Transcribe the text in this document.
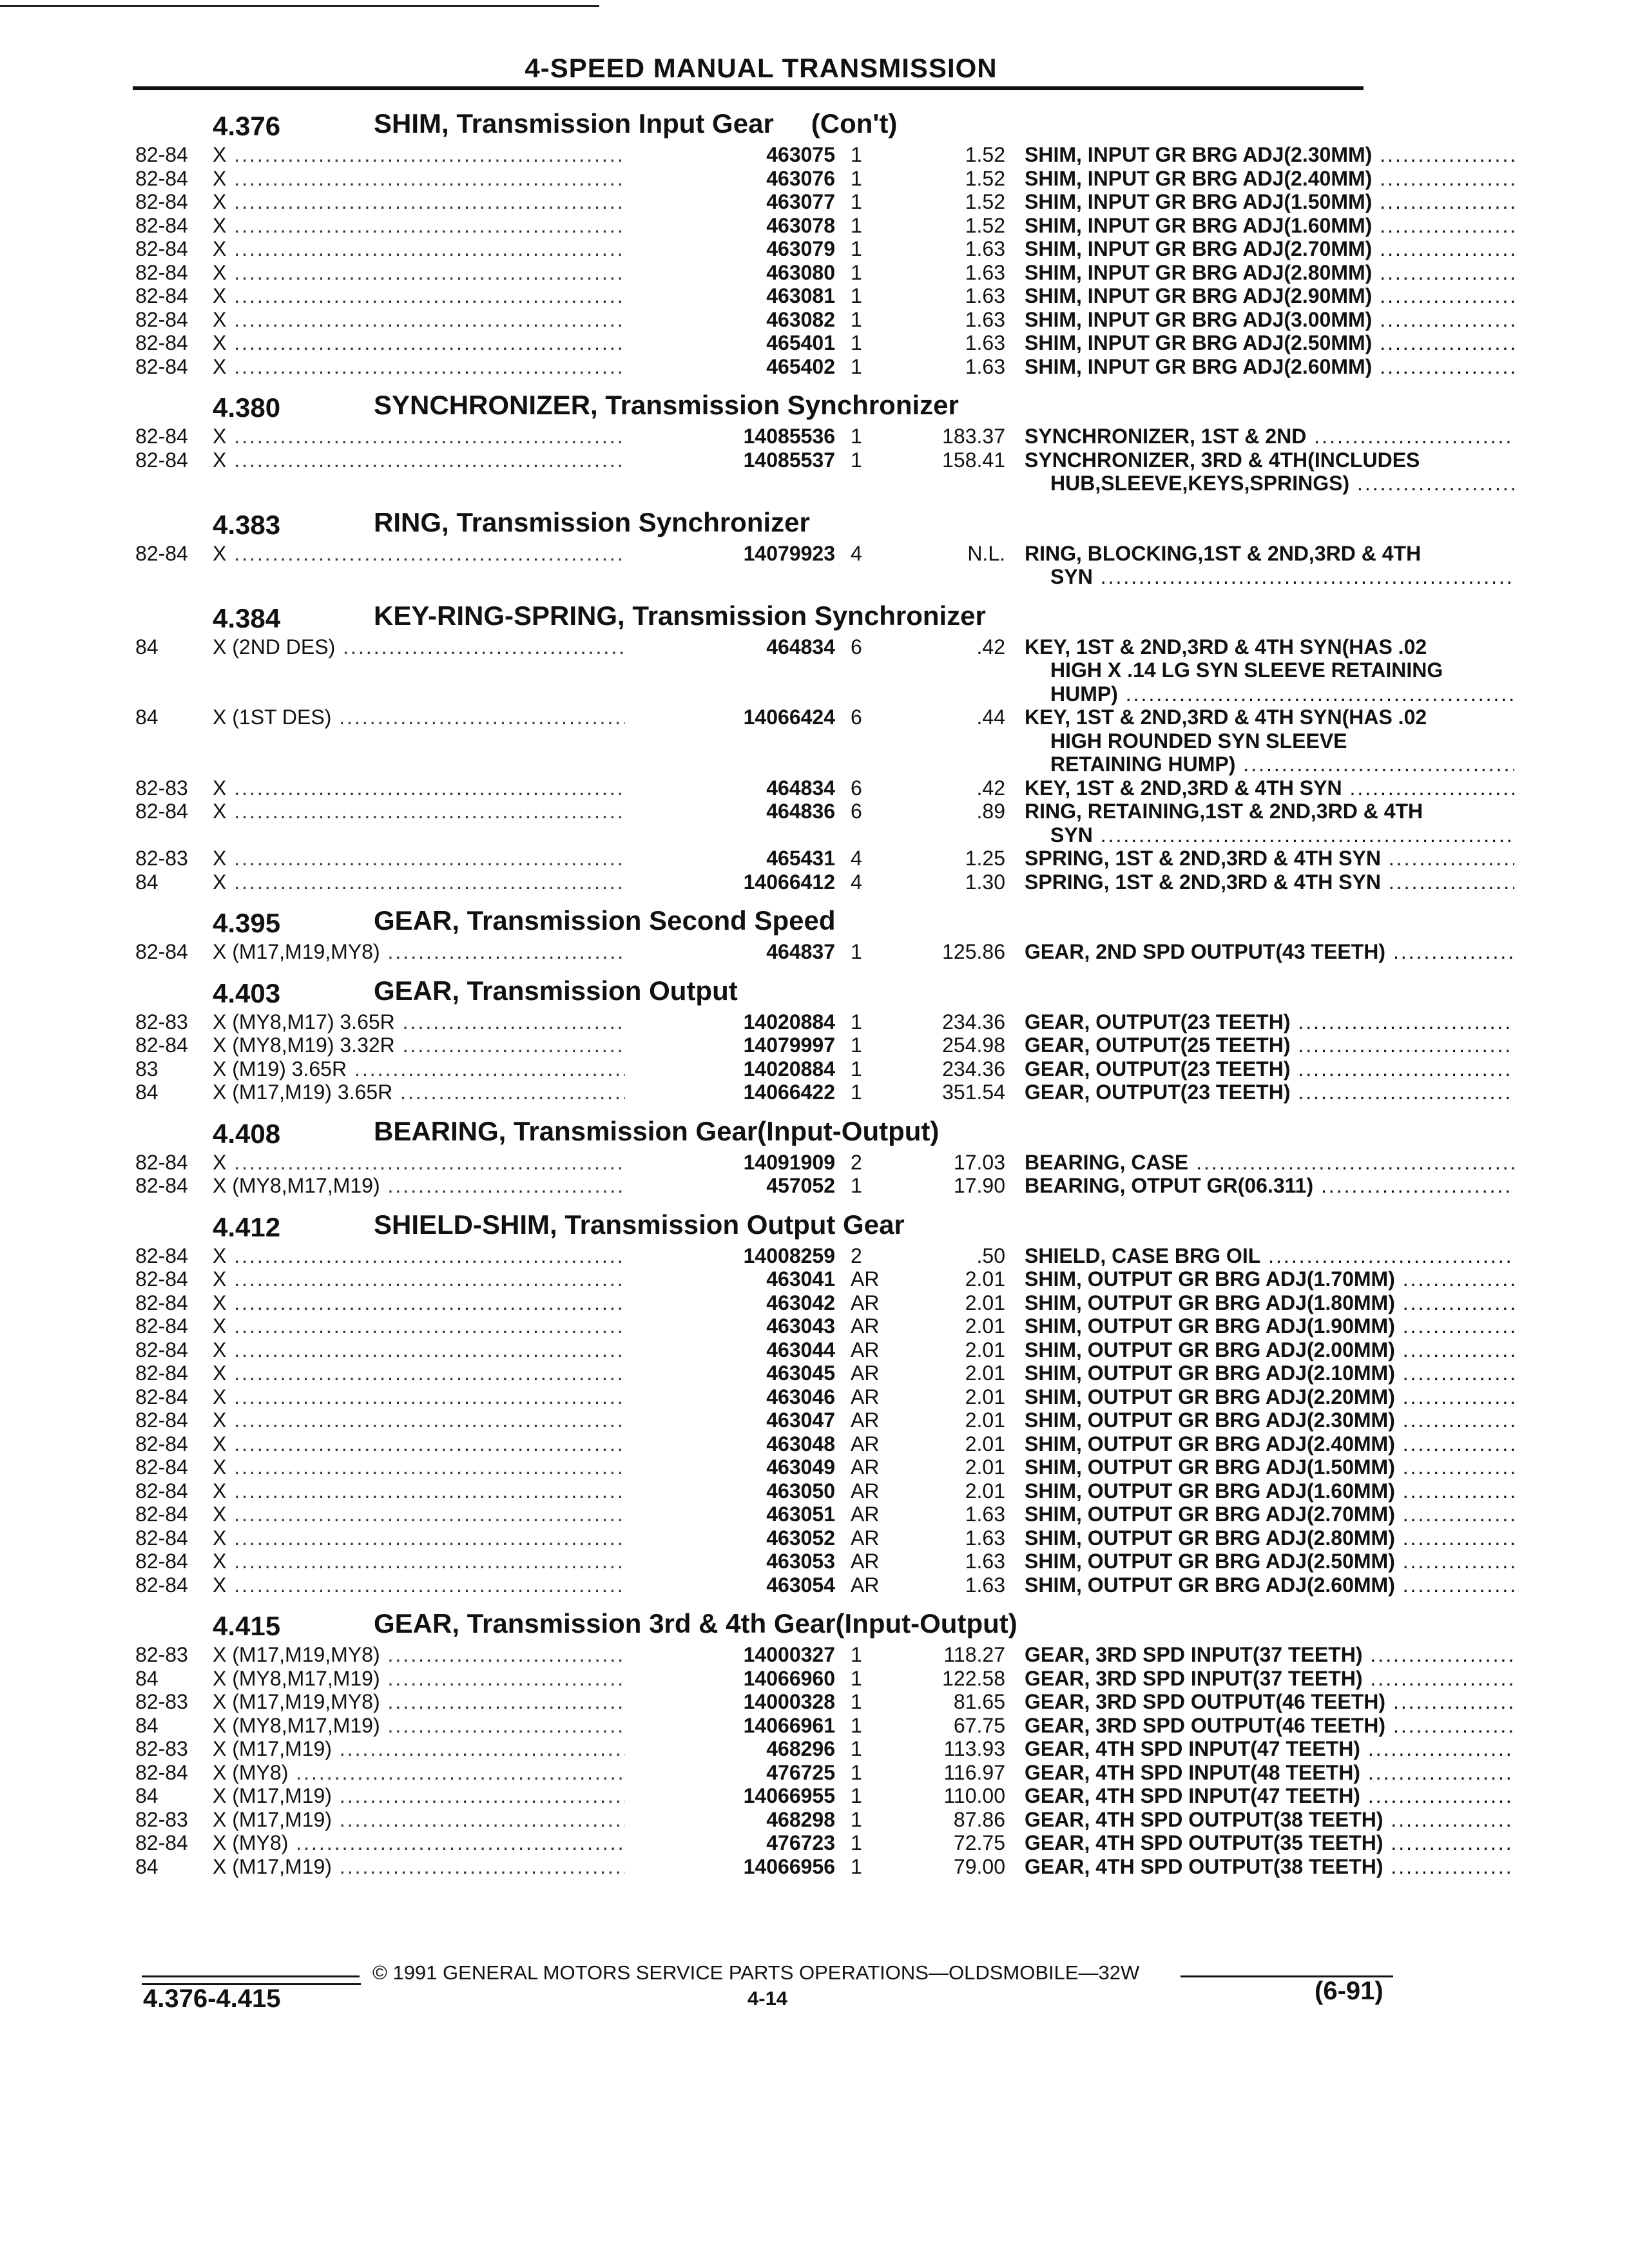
4-SPEED MANUAL TRANSMISSION
4.376	SHIM, Transmission Input Gear (Con't)
82-84	X .....	463075 1	1.52 SHIM, INPUT GR BRG ADJ(2.30MM) .....
82-84	X .....	463076 1	1.52 SHIM, INPUT GR BRG ADJ(2.40MM) .....
82-84	X .....	463077 1	1.52 SHIM, INPUT GR BRG ADJ(1.50MM) .....
82-84	X .....	463078 1	1.52 SHIM, INPUT GR BRG ADJ(1.60MM) .....
82-84	X .....	463079 1	1.63 SHIM, INPUT GR BRG ADJ(2.70MM) .....
82-84	X .....	463080 1	1.63 SHIM, INPUT GR BRG ADJ(2.80MM) .....
82-84	X .....	463081 1	1.63 SHIM, INPUT GR BRG ADJ(2.90MM) .....
82-84	X .....	463082 1	1.63 SHIM, INPUT GR BRG ADJ(3.00MM) .....
82-84	X .....	465401 1	1.63 SHIM, INPUT GR BRG ADJ(2.50MM) .....
82-84	X .....	465402 1	1.63 SHIM, INPUT GR BRG ADJ(2.60MM) .....
4.380	SYNCHRONIZER, Transmission Synchronizer
82-84	X .....	14085536 1	183.37 SYNCHRONIZER, 1ST & 2ND .....
82-84	X .....	14085537 1	158.41 SYNCHRONIZER, 3RD & 4TH(INCLUDES
HUB,SLEEVE,KEYS,SPRINGS) .....
4.383	RING, Transmission Synchronizer
82-84	X .....	14079923 4	N.L. RING, BLOCKING,1ST & 2ND,3RD & 4TH
SYN .....
4.384	KEY-RING-SPRING, Transmission Synchronizer
84	X (2ND DES) .....	464834 6	.42 KEY, 1ST & 2ND,3RD & 4TH SYN(HAS .02
HIGH X .14 LG SYN SLEEVE RETAINING
HUMP) .....
84	X (1ST DES) .....	14066424 6	.44 KEY, 1ST & 2ND,3RD & 4TH SYN(HAS .02
HIGH ROUNDED SYN SLEEVE
RETAINING HUMP) .....
82-83	X .....	464834 6	.42 KEY, 1ST & 2ND,3RD & 4TH SYN .....
82-84	X .....	464836 6	.89 RING, RETAINING,1ST & 2ND,3RD & 4TH
SYN .....
82-83	X .....	465431 4	1.25 SPRING, 1ST & 2ND,3RD & 4TH SYN .....
84	X .....	14066412 4	1.30 SPRING, 1ST & 2ND,3RD & 4TH SYN .....
4.395	GEAR, Transmission Second Speed
82-84	X (M17,M19,MY8) .....	464837 1	125.86 GEAR, 2ND SPD OUTPUT(43 TEETH) .....
4.403	GEAR, Transmission Output
82-83	X (MY8,M17) 3.65R .....	14020884 1	234.36 GEAR, OUTPUT(23 TEETH) .....
82-84	X (MY8,M19) 3.32R .....	14079997 1	254.98 GEAR, OUTPUT(25 TEETH) .....
83	X (M19) 3.65R .....	14020884 1	234.36 GEAR, OUTPUT(23 TEETH) .....
84	X (M17,M19) 3.65R .....	14066422 1	351.54 GEAR, OUTPUT(23 TEETH) .....
4.408	BEARING, Transmission Gear(Input-Output)
82-84	X .....	14091909 2	17.03 BEARING, CASE .....
82-84	X (MY8,M17,M19) .....	457052 1	17.90 BEARING, OTPUT GR(06.311) .....
4.412	SHIELD-SHIM, Transmission Output Gear
82-84	X .....	14008259 2	.50 SHIELD, CASE BRG OIL .....
82-84	X .....	463041 AR	2.01 SHIM, OUTPUT GR BRG ADJ(1.70MM) .....
82-84	X .....	463042 AR	2.01 SHIM, OUTPUT GR BRG ADJ(1.80MM) .....
82-84	X .....	463043 AR	2.01 SHIM, OUTPUT GR BRG ADJ(1.90MM) .....
82-84	X .....	463044 AR	2.01 SHIM, OUTPUT GR BRG ADJ(2.00MM) .....
82-84	X .....	463045 AR	2.01 SHIM, OUTPUT GR BRG ADJ(2.10MM) .....
82-84	X .....	463046 AR	2.01 SHIM, OUTPUT GR BRG ADJ(2.20MM) .....
82-84	X .....	463047 AR	2.01 SHIM, OUTPUT GR BRG ADJ(2.30MM) .....
82-84	X .....	463048 AR	2.01 SHIM, OUTPUT GR BRG ADJ(2.40MM) .....
82-84	X .....	463049 AR	2.01 SHIM, OUTPUT GR BRG ADJ(1.50MM) .....
82-84	X .....	463050 AR	2.01 SHIM, OUTPUT GR BRG ADJ(1.60MM) .....
82-84	X .....	463051 AR	1.63 SHIM, OUTPUT GR BRG ADJ(2.70MM) .....
82-84	X .....	463052 AR	1.63 SHIM, OUTPUT GR BRG ADJ(2.80MM) .....
82-84	X .....	463053 AR	1.63 SHIM, OUTPUT GR BRG ADJ(2.50MM) .....
82-84	X .....	463054 AR	1.63 SHIM, OUTPUT GR BRG ADJ(2.60MM) .....
4.415	GEAR, Transmission 3rd & 4th Gear(Input-Output)
82-83	X (M17,M19,MY8) .....	14000327 1	118.27 GEAR, 3RD SPD INPUT(37 TEETH) .....
84	X (MY8,M17,M19) .....	14066960 1	122.58 GEAR, 3RD SPD INPUT(37 TEETH) .....
82-83	X (M17,M19,MY8) .....	14000328 1	81.65 GEAR, 3RD SPD OUTPUT(46 TEETH) .....
84	X (MY8,M17,M19) .....	14066961 1	67.75 GEAR, 3RD SPD OUTPUT(46 TEETH) .....
82-83	X (M17,M19) .....	468296 1	113.93 GEAR, 4TH SPD INPUT(47 TEETH) .....
82-84	X (MY8) .....	476725 1	116.97 GEAR, 4TH SPD INPUT(48 TEETH) .....
84	X (M17,M19) .....	14066955 1	110.00 GEAR, 4TH SPD INPUT(47 TEETH) .....
82-83	X (M17,M19) .....	468298 1	87.86 GEAR, 4TH SPD OUTPUT(38 TEETH) .....
82-84	X (MY8) .....	476723 1	72.75 GEAR, 4TH SPD OUTPUT(35 TEETH) .....
84	X (M17,M19) .....	14066956 1	79.00 GEAR, 4TH SPD OUTPUT(38 TEETH) .....
© 1991 GENERAL MOTORS SERVICE PARTS OPERATIONS—OLDSMOBILE—32W
4-14
4.376-4.415	(6-91)
